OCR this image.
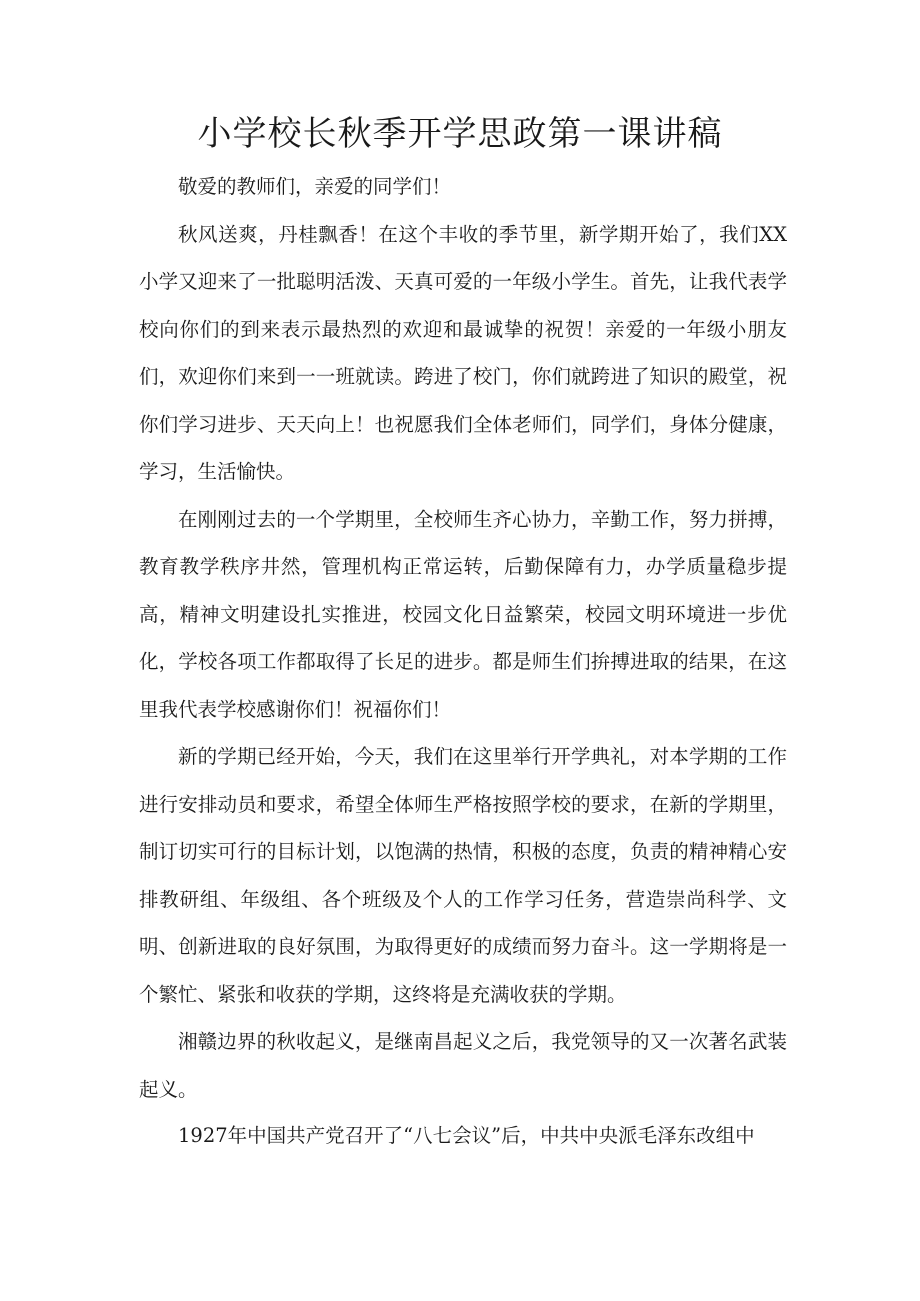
小学校长秋季开学思政第一课讲稿

敬爱的教师们，亲爱的同学们！

秋风送爽，丹桂飘香！在这个丰收的季节里，新学期开始了，我们XX小学又迎来了一批聪明活泼、天真可爱的一年级小学生。首先，让我代表学校向你们的到来表示最热烈的欢迎和最诚挚的祝贺！亲爱的一年级小朋友们，欢迎你们来到一一班就读。跨进了校门，你们就跨进了知识的殿堂，祝你们学习进步、天天向上！也祝愿我们全体老师们，同学们，身体分健康，学习，生活愉快。

在刚刚过去的一个学期里，全校师生齐心协力，辛勤工作，努力拼搏，教育教学秩序井然，管理机构正常运转，后勤保障有力，办学质量稳步提高，精神文明建设扎实推进，校园文化日益繁荣，校园文明环境进一步优化，学校各项工作都取得了长足的进步。都是师生们拚搏进取的结果，在这里我代表学校感谢你们！祝福你们！

新的学期已经开始，今天，我们在这里举行开学典礼，对本学期的工作进行安排动员和要求，希望全体师生严格按照学校的要求，在新的学期里，制订切实可行的目标计划，以饱满的热情，积极的态度，负责的精神精心安排教研组、年级组、各个班级及个人的工作学习任务，营造崇尚科学、文明、创新进取的良好氛围，为取得更好的成绩而努力奋斗。这一学期将是一个繁忙、紧张和收获的学期，这终将是充满收获的学期。

湘赣边界的秋收起义，是继南昌起义之后，我党领导的又一次著名武装起义。

1927年中国共产党召开了“八七会议”后，中共中央派毛泽东改组中
